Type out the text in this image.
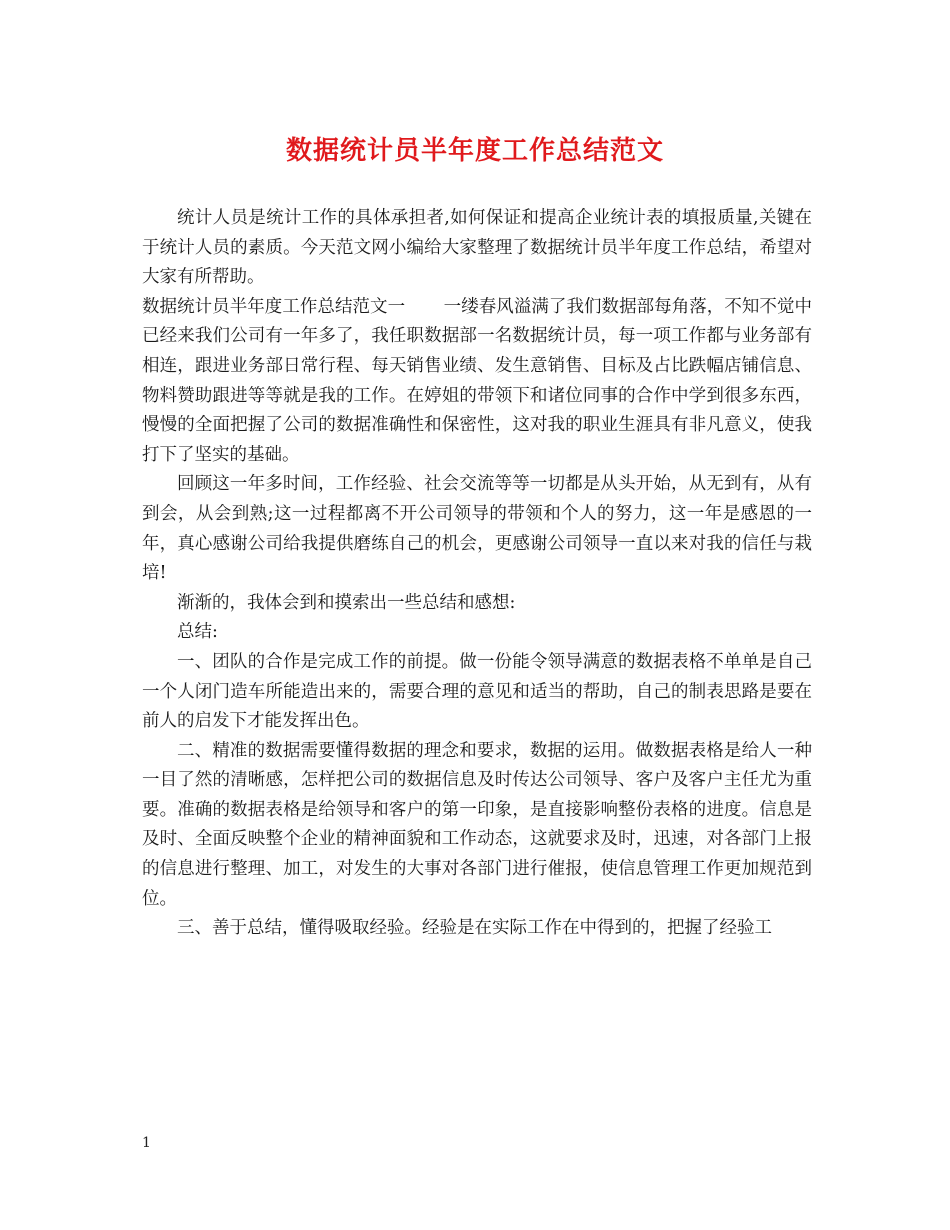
数据统计员半年度工作总结范文

统计人员是统计工作的具体承担者,如何保证和提高企业统计表的填报质量,关键在于统计人员的素质。今天范文网小编给大家整理了数据统计员半年度工作总结，希望对大家有所帮助。

数据统计员半年度工作总结范文一 一缕春风溢满了我们数据部每角落，不知不觉中已经来我们公司有一年多了，我任职数据部一名数据统计员，每一项工作都与业务部有相连，跟进业务部日常行程、每天销售业绩、发生意销售、目标及占比跌幅店铺信息、物料赞助跟进等等就是我的工作。在婷姐的带领下和诸位同事的合作中学到很多东西，慢慢的全面把握了公司的数据准确性和保密性，这对我的职业生涯具有非凡意义，使我打下了坚实的基础。

回顾这一年多时间，工作经验、社会交流等等一切都是从头开始，从无到有，从有到会，从会到熟;这一过程都离不开公司领导的带领和个人的努力，这一年是感恩的一年，真心感谢公司给我提供磨练自己的机会，更感谢公司领导一直以来对我的信任与栽培!

渐渐的，我体会到和摸索出一些总结和感想:

总结:

一、团队的合作是完成工作的前提。做一份能令领导满意的数据表格不单单是自己一个人闭门造车所能造出来的，需要合理的意见和适当的帮助，自己的制表思路是要在前人的启发下才能发挥出色。

二、精准的数据需要懂得数据的理念和要求，数据的运用。做数据表格是给人一种一目了然的清晰感，怎样把公司的数据信息及时传达公司领导、客户及客户主任尤为重要。准确的数据表格是给领导和客户的第一印象，是直接影响整份表格的进度。信息是及时、全面反映整个企业的精神面貌和工作动态，这就要求及时，迅速，对各部门上报的信息进行整理、加工，对发生的大事对各部门进行催报，使信息管理工作更加规范到位。

三、善于总结，懂得吸取经验。经验是在实际工作在中得到的，把握了经验工

1
